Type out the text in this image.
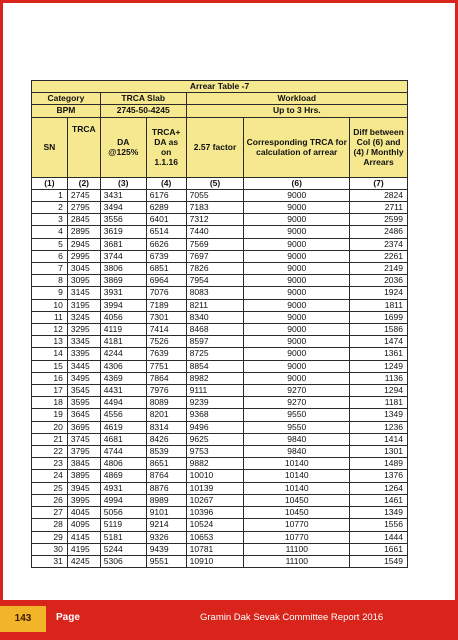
Arrear Table -7						
Category		TRCA Slab		Workload		
BPM		2745-50-4245		Up to 3 Hrs.		
SN	TRCA	DA @125%	TRCA+ DA as on 1.1.16	2.57 factor	Corresponding TRCA for calculation of arrear	Diff between Col (6) and (4) / Monthly Arrears
(1)	(2)	(3)	(4)	(5)	(6)	(7)
1	2745	3431	6176	7055	9000	2824
2	2795	3494	6289	7183	9000	2711
3	2845	3556	6401	7312	9000	2599
4	2895	3619	6514	7440	9000	2486
5	2945	3681	6626	7569	9000	2374
6	2995	3744	6739	7697	9000	2261
7	3045	3806	6851	7826	9000	2149
8	3095	3869	6964	7954	9000	2036
9	3145	3931	7076	8083	9000	1924
10	3195	3994	7189	8211	9000	1811
11	3245	4056	7301	8340	9000	1699
12	3295	4119	7414	8468	9000	1586
13	3345	4181	7526	8597	9000	1474
14	3395	4244	7639	8725	9000	1361
15	3445	4306	7751	8854	9000	1249
16	3495	4369	7864	8982	9000	1136
17	3545	4431	7976	9111	9270	1294
18	3595	4494	8089	9239	9270	1181
19	3645	4556	8201	9368	9550	1349
20	3695	4619	8314	9496	9550	1236
21	3745	4681	8426	9625	9840	1414
22	3795	4744	8539	9753	9840	1301
23	3845	4806	8651	9882	10140	1489
24	3895	4869	8764	10010	10140	1376
25	3945	4931	8876	10139	10140	1264
26	3995	4994	8989	10267	10450	1461
27	4045	5056	9101	10396	10450	1349
28	4095	5119	9214	10524	10770	1556
29	4145	5181	9326	10653	10770	1444
30	4195	5244	9439	10781	11100	1661
31	4245	5306	9551	10910	11100	1549
143	Page	Gramin Dak Sevak Committee Report 2016
